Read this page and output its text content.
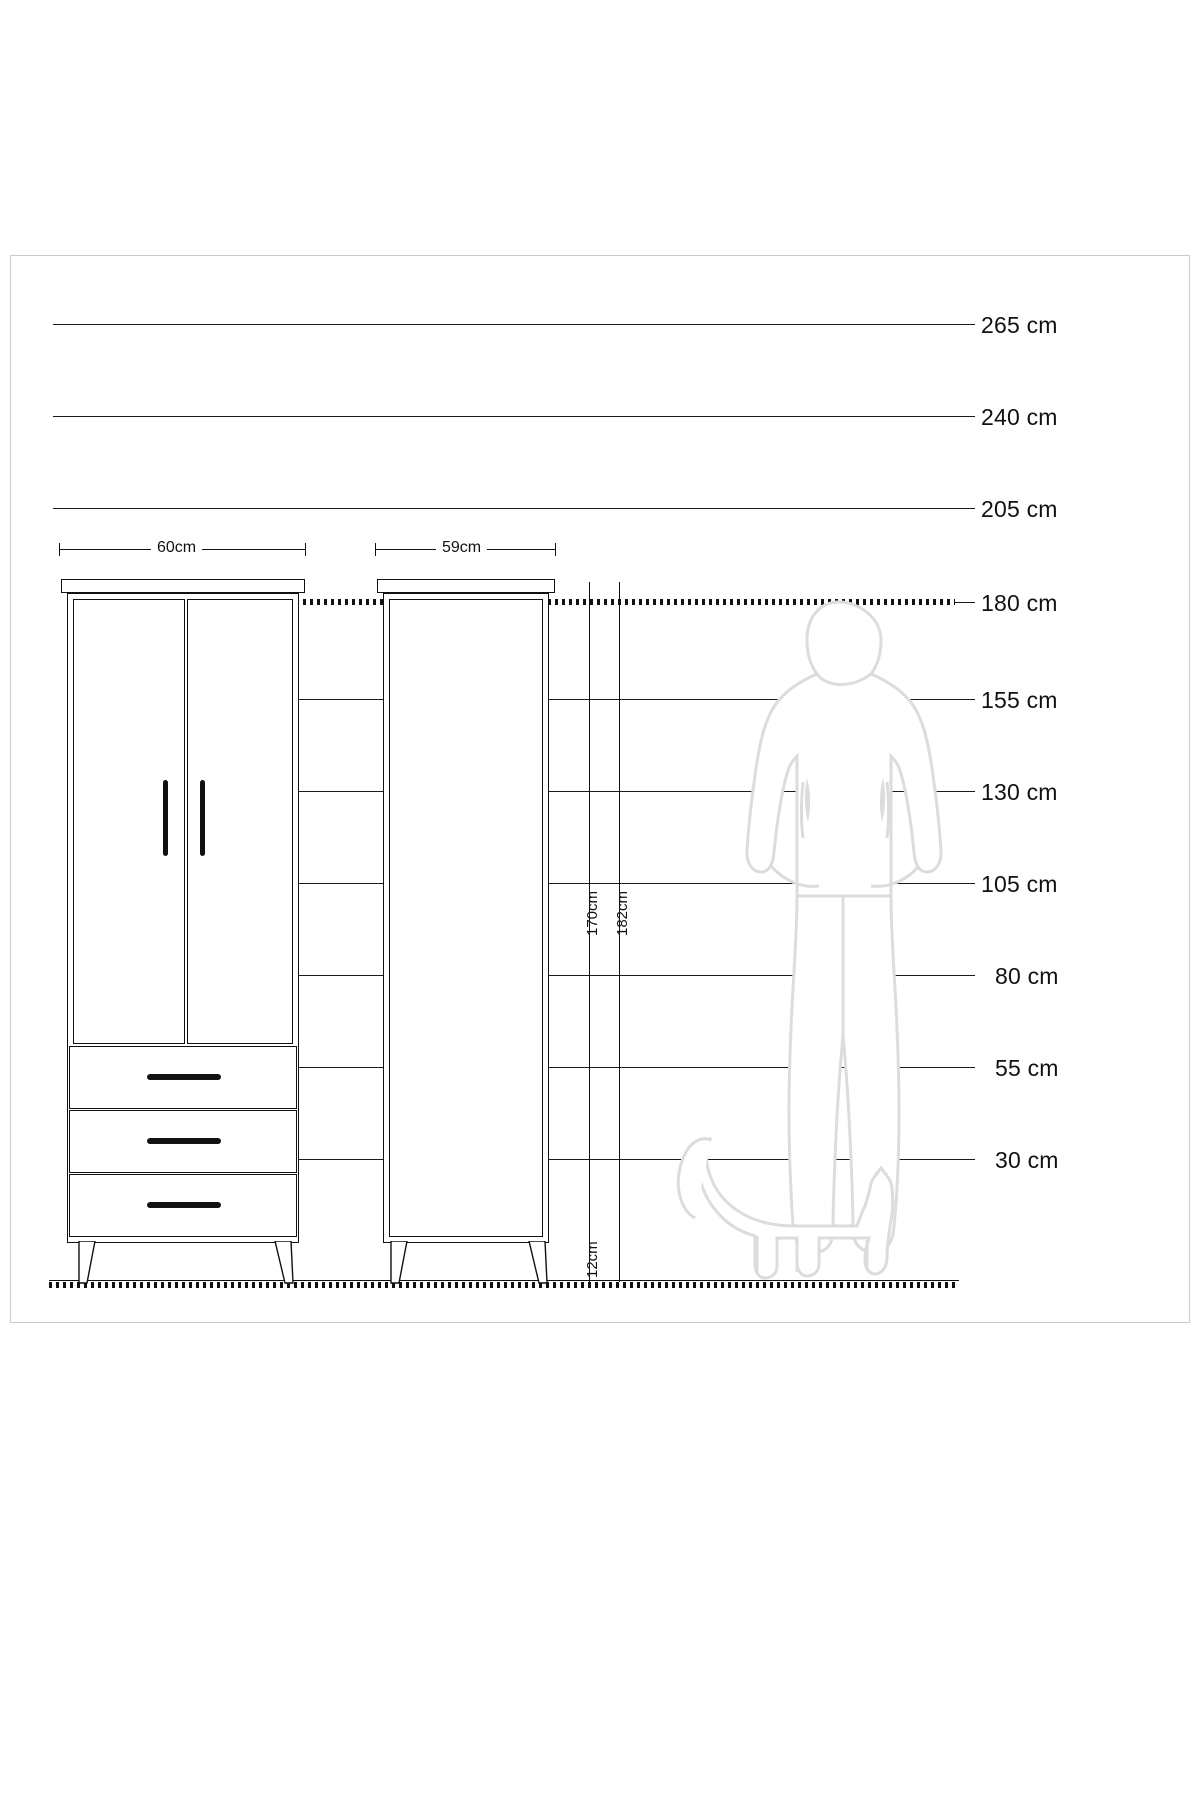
265 cm
240 cm
205 cm
180 cm
155 cm
130 cm
105 cm
80 cm
55 cm
30 cm
60cm	59cm
170cm 182cm
12cm
